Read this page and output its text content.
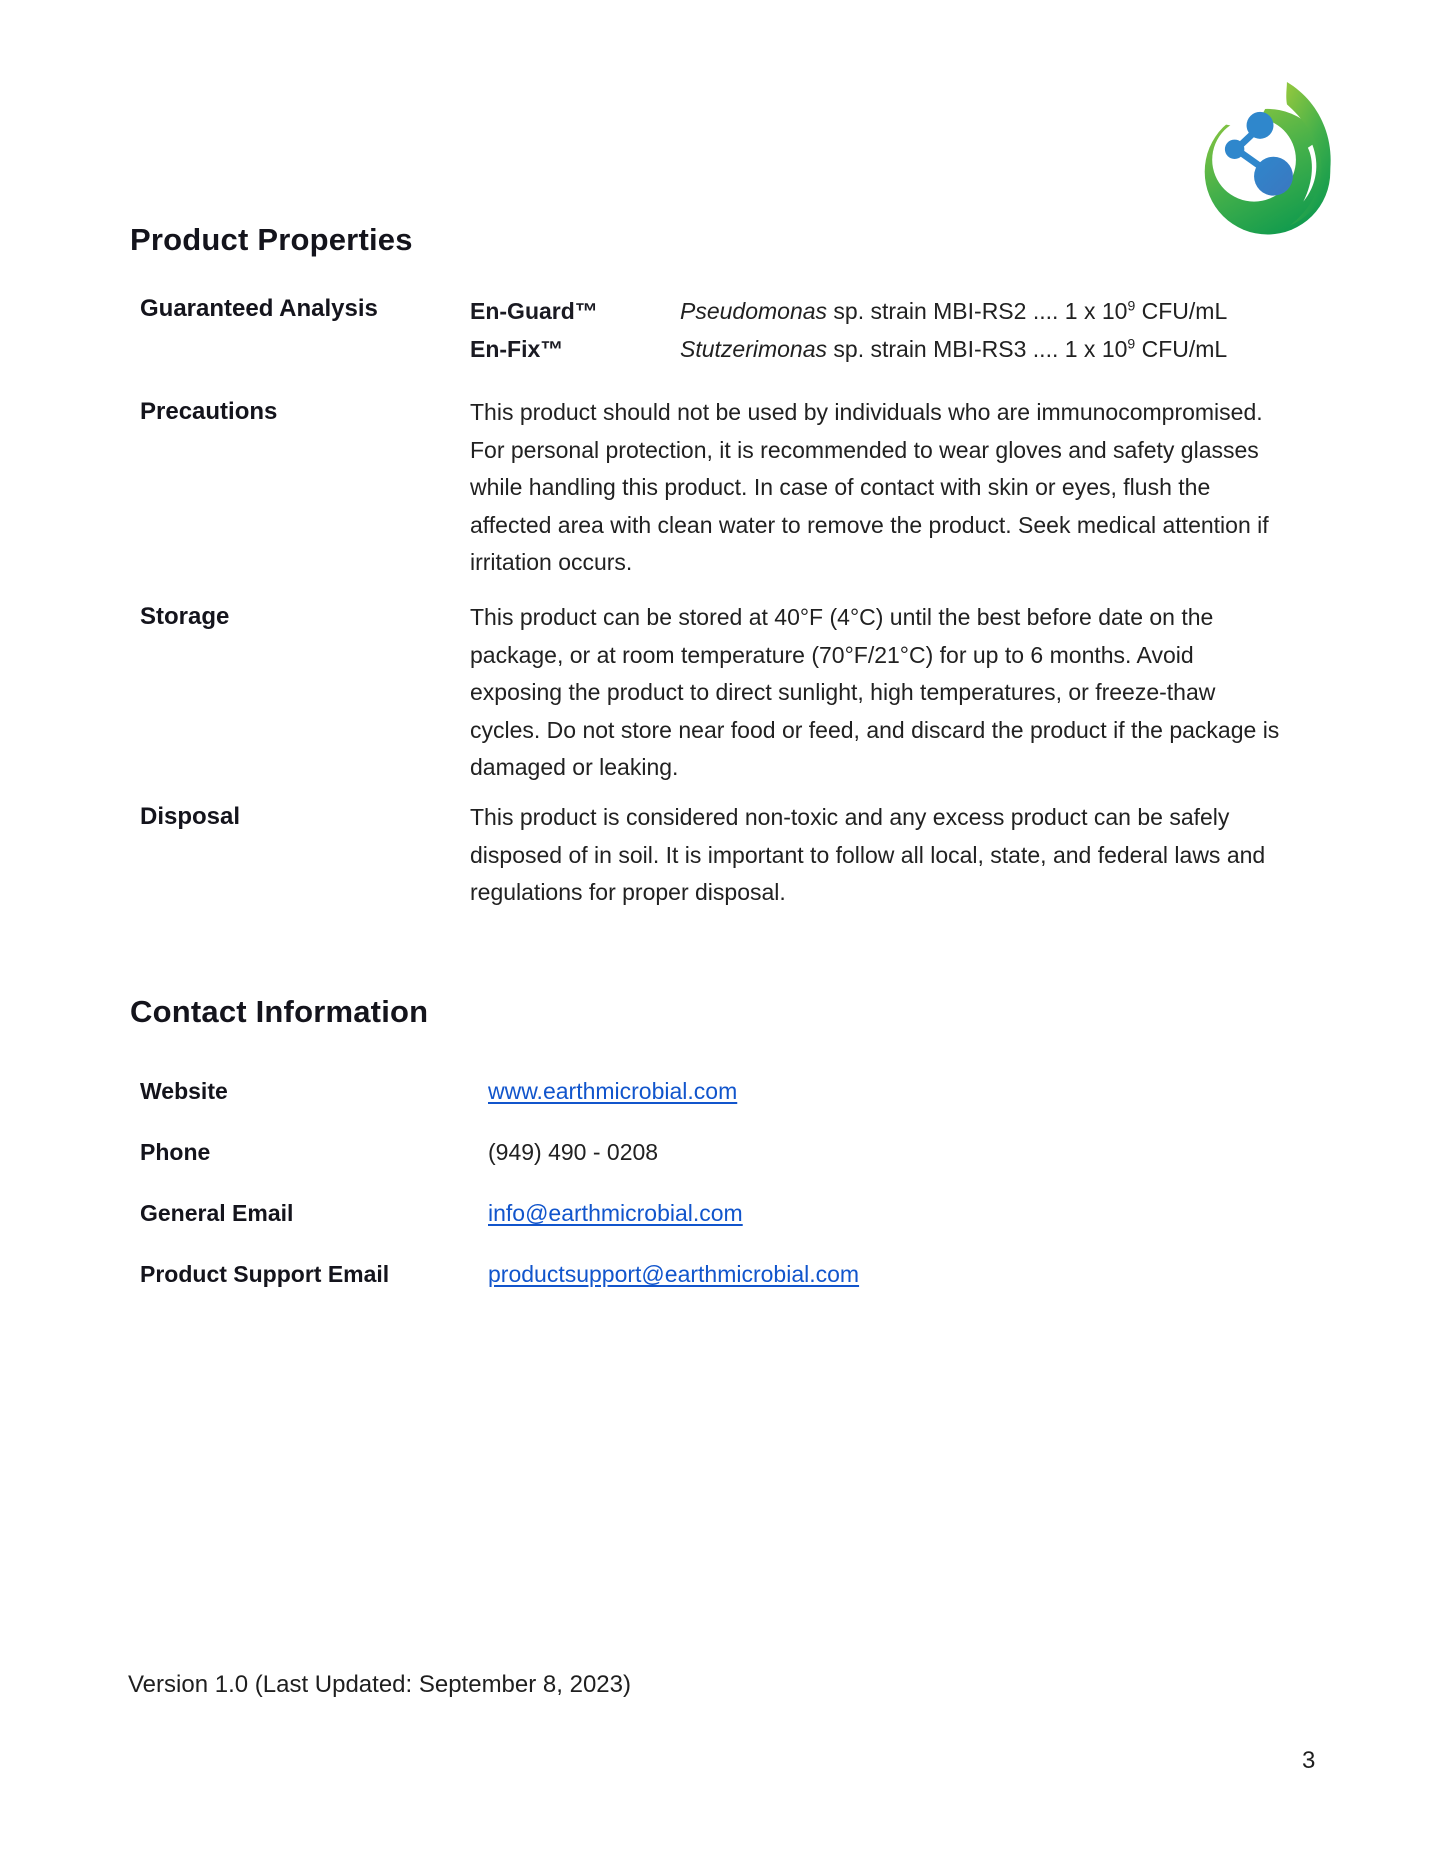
Product Properties
Guaranteed Analysis	En-Guard™	Pseudomonas sp. strain MBI-RS2 .... 1 x $10^9$ CFU/mL
En-Fix™	Stutzerimonas sp. strain MBI-RS3 .... 1 x $10^9$ CFU/mL
Precautions	This product should not be used by individuals who are immunocompromised. For personal protection, it is recommended to wear gloves and safety glasses while handling this product. In case of contact with skin or eyes, flush the affected area with clean water to remove the product. Seek medical attention if irritation occurs.
Storage	This product can be stored at 40°F (4°C) until the best before date on the package, or at room temperature (70°F/21°C) for up to 6 months. Avoid exposing the product to direct sunlight, high temperatures, or freeze-thaw cycles. Do not store near food or feed, and discard the product if the package is damaged or leaking.
Disposal	This product is considered non-toxic and any excess product can be safely disposed of in soil. It is important to follow all local, state, and federal laws and regulations for proper disposal.
Contact Information
Website	www.earthmicrobial.com
Phone	(949) 490 - 0208
General Email	info@earthmicrobial.com
Product Support Email	productsupport@earthmicrobial.com
Version 1.0 (Last Updated: September 8, 2023)
3
